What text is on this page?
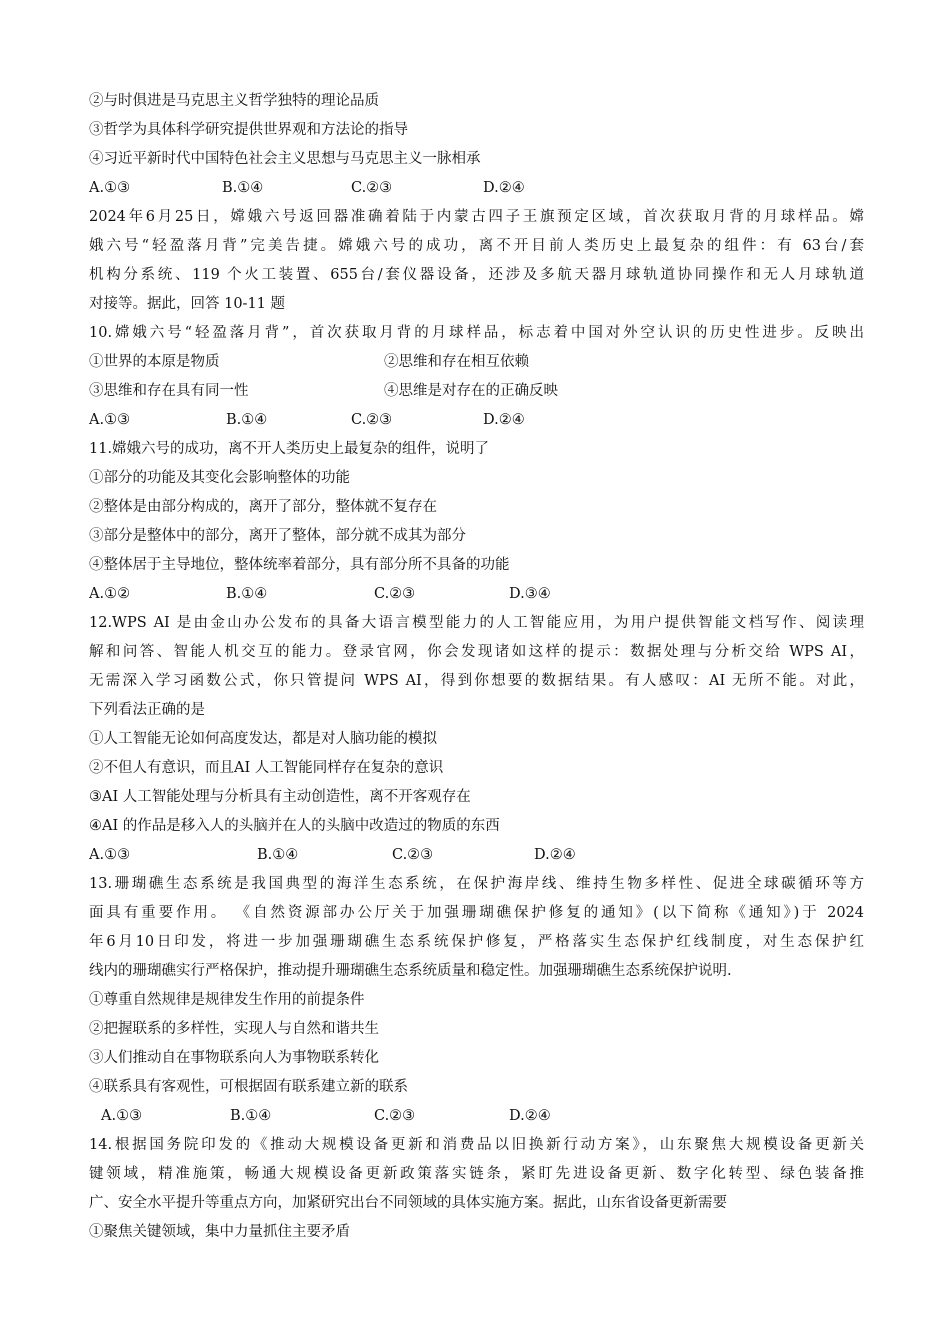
②与时俱进是马克思主义哲学独特的理论品质
③哲学为具体科学研究提供世界观和方法论的指导
④习近平新时代中国特色社会主义思想与马克思主义一脉相承
A.①③	B.①④	C.②③	D.②④
2024年6月25日，嫦娥六号返回器准确着陆于内蒙古四子王旗预定区域，首次获取月背的月球样品。嫦
娥六号“轻盈落月背”完美告捷。嫦娥六号的成功，离不开目前人类历史上最复杂的组件：有 63台/套
机构分系统、119 个火工装置、655台/套仪器设备，还涉及多航天器月球轨道协同操作和无人月球轨道
对接等。据此，回答 10-11 题
10.嫦娥六号“轻盈落月背”，首次获取月背的月球样品，标志着中国对外空认识的历史性进步。反映出
①世界的本原是物质	②思维和存在相互依赖
③思维和存在具有同一性	④思维是对存在的正确反映
A.①③	B.①④	C.②③	D.②④
11.嫦娥六号的成功，离不开人类历史上最复杂的组件，说明了
①部分的功能及其变化会影响整体的功能
②整体是由部分构成的，离开了部分，整体就不复存在
③部分是整体中的部分，离开了整体，部分就不成其为部分
④整体居于主导地位，整体统率着部分，具有部分所不具备的功能
A.①②	B.①④	C.②③	D.③④
12.WPS AI 是由金山办公发布的具备大语言模型能力的人工智能应用，为用户提供智能文档写作、阅读理
解和问答、智能人机交互的能力。登录官网，你会发现诸如这样的提示：数据处理与分析交给 WPS AI，
无需深入学习函数公式，你只管提问 WPS AI，得到你想要的数据结果。有人感叹：AI 无所不能。对此，
下列看法正确的是
①人工智能无论如何高度发达，都是对人脑功能的模拟
②不但人有意识，而且AI 人工智能同样存在复杂的意识
③AI 人工智能处理与分析具有主动创造性，离不开客观存在
④AI 的作品是移入人的头脑并在人的头脑中改造过的物质的东西
A.①③	B.①④	C.②③	D.②④
13.珊瑚礁生态系统是我国典型的海洋生态系统，在保护海岸线、维持生物多样性、促进全球碳循环等方
面具有重要作用。 《自然资源部办公厅关于加强珊瑚礁保护修复的通知》(以下简称《通知》)于 2024
年6月10日印发，将进一步加强珊瑚礁生态系统保护修复，严格落实生态保护红线制度，对生态保护红
线内的珊瑚礁实行严格保护，推动提升珊瑚礁生态系统质量和稳定性。加强珊瑚礁生态系统保护说明.
①尊重自然规律是规律发生作用的前提条件
②把握联系的多样性，实现人与自然和谐共生
③人们推动自在事物联系向人为事物联系转化
④联系具有客观性，可根据固有联系建立新的联系
A.①③	B.①④	C.②③	D.②④
14.根据国务院印发的《推动大规模设备更新和消费品以旧换新行动方案》，山东聚焦大规模设备更新关
键领域，精准施策，畅通大规模设备更新政策落实链条，紧盯先进设备更新、数字化转型、绿色装备推
广、安全水平提升等重点方向，加紧研究出台不同领域的具体实施方案。据此，山东省设备更新需要
①聚焦关键领域，集中力量抓住主要矛盾
